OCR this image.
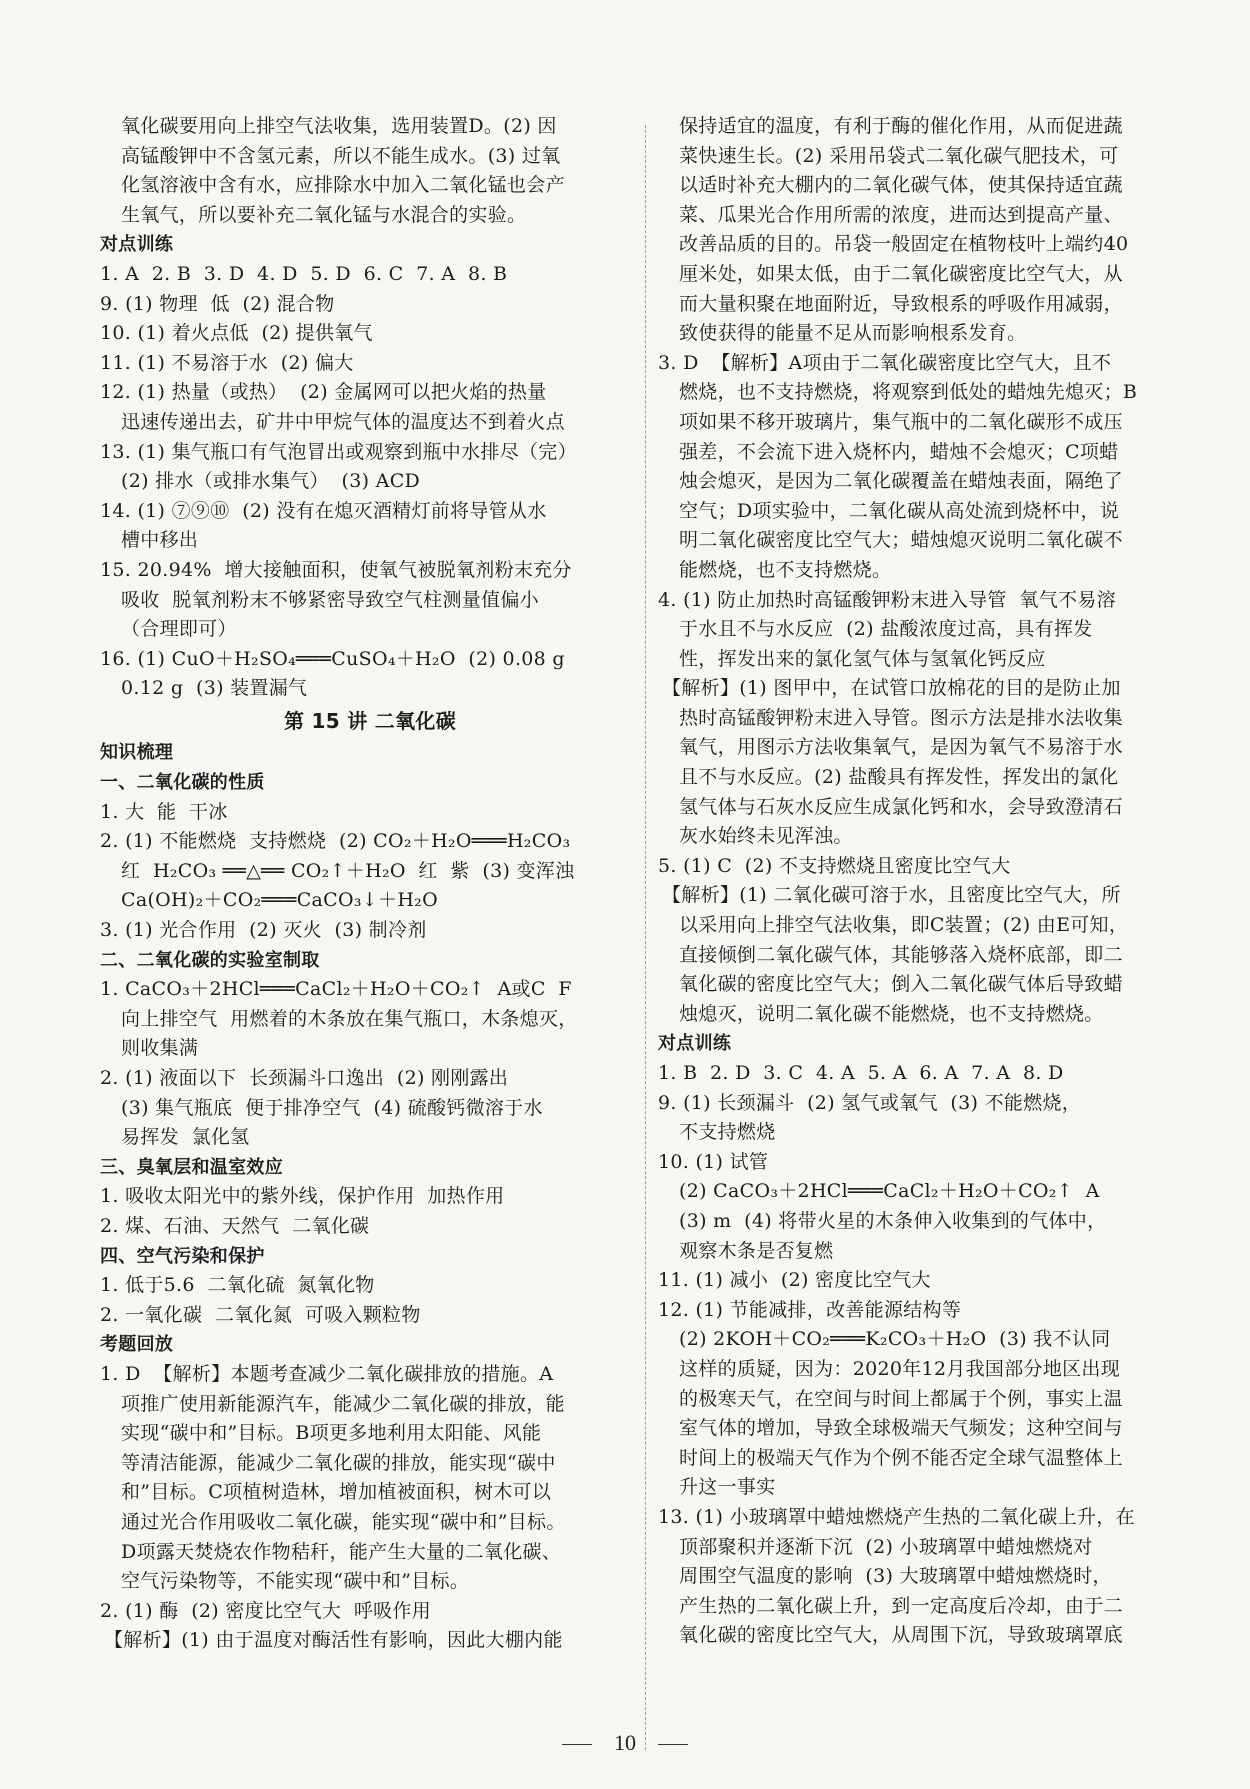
氧化碳要用向上排空气法收集，选用装置D。(2) 因
高锰酸钾中不含氢元素，所以不能生成水。(3) 过氧
化氢溶液中含有水，应排除水中加入二氧化锰也会产
生氧气，所以要补充二氧化锰与水混合的实验。
对点训练
1. A  2. B  3. D  4. D  5. D  6. C  7. A  8. B
9. (1) 物理  低  (2) 混合物
10. (1) 着火点低  (2) 提供氧气
11. (1) 不易溶于水  (2) 偏大
12. (1) 热量（或热）  (2) 金属网可以把火焰的热量
迅速传递出去，矿井中甲烷气体的温度达不到着火点
13. (1) 集气瓶口有气泡冒出或观察到瓶中水排尽（完）
(2) 排水（或排水集气）  (3) ACD
14. (1) ⑦⑨⑩  (2) 没有在熄灭酒精灯前将导管从水
槽中移出
15. 20.94%  增大接触面积，使氧气被脱氧剂粉末充分
吸收  脱氧剂粉末不够紧密导致空气柱测量值偏小
（合理即可）
16. (1) CuO＋H₂SO₄═══CuSO₄＋H₂O  (2) 0.08 g
0.12 g  (3) 装置漏气
第 15 讲 二氧化碳
知识梳理
一、二氧化碳的性质
1. 大  能  干冰
2. (1) 不能燃烧  支持燃烧  (2) CO₂＋H₂O═══H₂CO₃
红  H₂CO₃ ══△══ CO₂↑＋H₂O  红  紫  (3) 变浑浊
Ca(OH)₂＋CO₂═══CaCO₃↓＋H₂O
3. (1) 光合作用  (2) 灭火  (3) 制冷剂
二、二氧化碳的实验室制取
1. CaCO₃＋2HCl═══CaCl₂＋H₂O＋CO₂↑  A或C  F
向上排空气  用燃着的木条放在集气瓶口，木条熄灭，
则收集满
2. (1) 液面以下  长颈漏斗口逸出  (2) 刚刚露出
(3) 集气瓶底  便于排净空气  (4) 硫酸钙微溶于水
易挥发  氯化氢
三、臭氧层和温室效应
1. 吸收太阳光中的紫外线，保护作用  加热作用
2. 煤、石油、天然气  二氧化碳
四、空气污染和保护
1. 低于5.6  二氧化硫  氮氧化物
2. 一氧化碳  二氧化氮  可吸入颗粒物
考题回放
1. D  【解析】本题考查减少二氧化碳排放的措施。A
项推广使用新能源汽车，能减少二氧化碳的排放，能
实现“碳中和”目标。B项更多地利用太阳能、风能
等清洁能源，能减少二氧化碳的排放，能实现“碳中
和”目标。C项植树造林，增加植被面积，树木可以
通过光合作用吸收二氧化碳，能实现“碳中和”目标。
D项露天焚烧农作物秸秆，能产生大量的二氧化碳、
空气污染物等，不能实现“碳中和”目标。
2. (1) 酶  (2) 密度比空气大  呼吸作用
【解析】(1) 由于温度对酶活性有影响，因此大棚内能
保持适宜的温度，有利于酶的催化作用，从而促进蔬
菜快速生长。(2) 采用吊袋式二氧化碳气肥技术，可
以适时补充大棚内的二氧化碳气体，使其保持适宜蔬
菜、瓜果光合作用所需的浓度，进而达到提高产量、
改善品质的目的。吊袋一般固定在植物枝叶上端约40
厘米处，如果太低，由于二氧化碳密度比空气大，从
而大量积聚在地面附近，导致根系的呼吸作用减弱，
致使获得的能量不足从而影响根系发育。
3. D  【解析】A项由于二氧化碳密度比空气大，且不
燃烧，也不支持燃烧，将观察到低处的蜡烛先熄灭；B
项如果不移开玻璃片，集气瓶中的二氧化碳形不成压
强差，不会流下进入烧杯内，蜡烛不会熄灭；C项蜡
烛会熄灭，是因为二氧化碳覆盖在蜡烛表面，隔绝了
空气；D项实验中，二氧化碳从高处流到烧杯中，说
明二氧化碳密度比空气大；蜡烛熄灭说明二氧化碳不
能燃烧，也不支持燃烧。
4. (1) 防止加热时高锰酸钾粉末进入导管  氧气不易溶
于水且不与水反应  (2) 盐酸浓度过高，具有挥发
性，挥发出来的氯化氢气体与氢氧化钙反应
【解析】(1) 图甲中，在试管口放棉花的目的是防止加
热时高锰酸钾粉末进入导管。图示方法是排水法收集
氧气，用图示方法收集氧气，是因为氧气不易溶于水
且不与水反应。(2) 盐酸具有挥发性，挥发出的氯化
氢气体与石灰水反应生成氯化钙和水，会导致澄清石
灰水始终未见浑浊。
5. (1) C  (2) 不支持燃烧且密度比空气大
【解析】(1) 二氧化碳可溶于水，且密度比空气大，所
以采用向上排空气法收集，即C装置；(2) 由E可知，
直接倾倒二氧化碳气体，其能够落入烧杯底部，即二
氧化碳的密度比空气大；倒入二氧化碳气体后导致蜡
烛熄灭，说明二氧化碳不能燃烧，也不支持燃烧。
对点训练
1. B  2. D  3. C  4. A  5. A  6. A  7. A  8. D
9. (1) 长颈漏斗  (2) 氢气或氧气  (3) 不能燃烧，
不支持燃烧
10. (1) 试管
(2) CaCO₃＋2HCl═══CaCl₂＋H₂O＋CO₂↑  A
(3) m  (4) 将带火星的木条伸入收集到的气体中，
观察木条是否复燃
11. (1) 减小  (2) 密度比空气大
12. (1) 节能减排，改善能源结构等
(2) 2KOH＋CO₂═══K₂CO₃＋H₂O  (3) 我不认同
这样的质疑，因为：2020年12月我国部分地区出现
的极寒天气，在空间与时间上都属于个例，事实上温
室气体的增加，导致全球极端天气频发；这种空间与
时间上的极端天气作为个例不能否定全球气温整体上
升这一事实
13. (1) 小玻璃罩中蜡烛燃烧产生热的二氧化碳上升，在
顶部聚积并逐渐下沉  (2) 小玻璃罩中蜡烛燃烧对
周围空气温度的影响  (3) 大玻璃罩中蜡烛燃烧时，
产生热的二氧化碳上升，到一定高度后冷却，由于二
氧化碳的密度比空气大，从周围下沉，导致玻璃罩底
10
